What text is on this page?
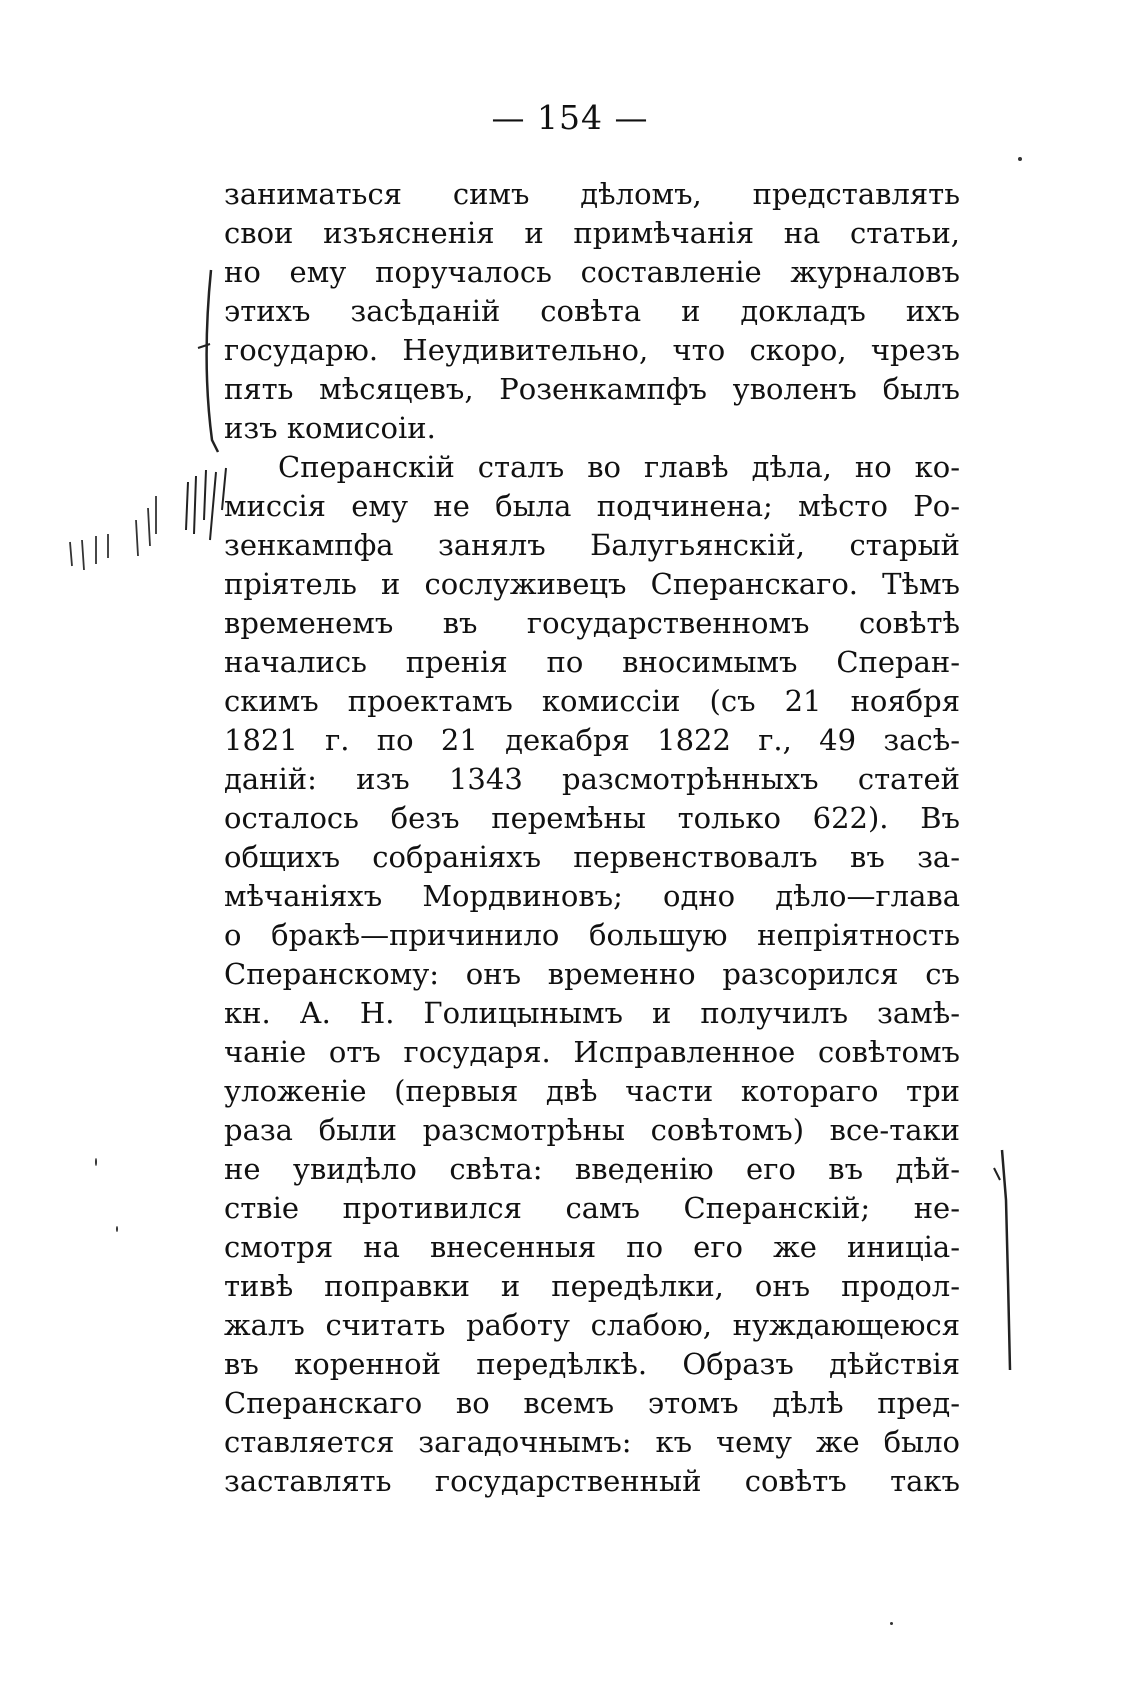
— 154 —
заниматься симъ дѣломъ, представлять
свои изъясненія и примѣчанія на статьи,
но ему поручалось составленіе журналовъ
этихъ засѣданій совѣта и докладъ ихъ
государю. Неудивительно, что скоро, чрезъ
пять мѣсяцевъ, Розенкампфъ уволенъ былъ
изъ комисоіи.
Сперанскій сталъ во главѣ дѣла, но ко-
миссія ему не была подчинена; мѣсто Ро-
зенкампфа занялъ Балугьянскій, старый
пріятель и сослуживецъ Сперанскаго. Тѣмъ
временемъ въ государственномъ совѣтѣ
начались пренія по вносимымъ Сперан-
скимъ проектамъ комиссіи (съ 21 ноября
1821 г. по 21 декабря 1822 г., 49 засѣ-
даній: изъ 1343 разсмотрѣнныхъ статей
осталось безъ перемѣны только 622). Въ
общихъ собраніяхъ первенствовалъ въ за-
мѣчаніяхъ Мордвиновъ; одно дѣло—глава
о бракѣ—причинило большую непріятность
Сперанскому: онъ временно разсорился съ
кн. А. Н. Голицынымъ и получилъ замѣ-
чаніе отъ государя. Исправленное совѣтомъ
уложеніе (первыя двѣ части котораго три
раза были разсмотрѣны совѣтомъ) все-таки
не увидѣло свѣта: введенію его въ дѣй-
ствіе противился самъ Сперанскій; не-
смотря на внесенныя по его же иниціа-
тивѣ поправки и передѣлки, онъ продол-
жалъ считать работу слабою, нуждающеюся
въ коренной передѣлкѣ. Образъ дѣйствія
Сперанскаго во всемъ этомъ дѣлѣ пред-
ставляется загадочнымъ: къ чему же было
заставлять государственный совѣтъ такъ
